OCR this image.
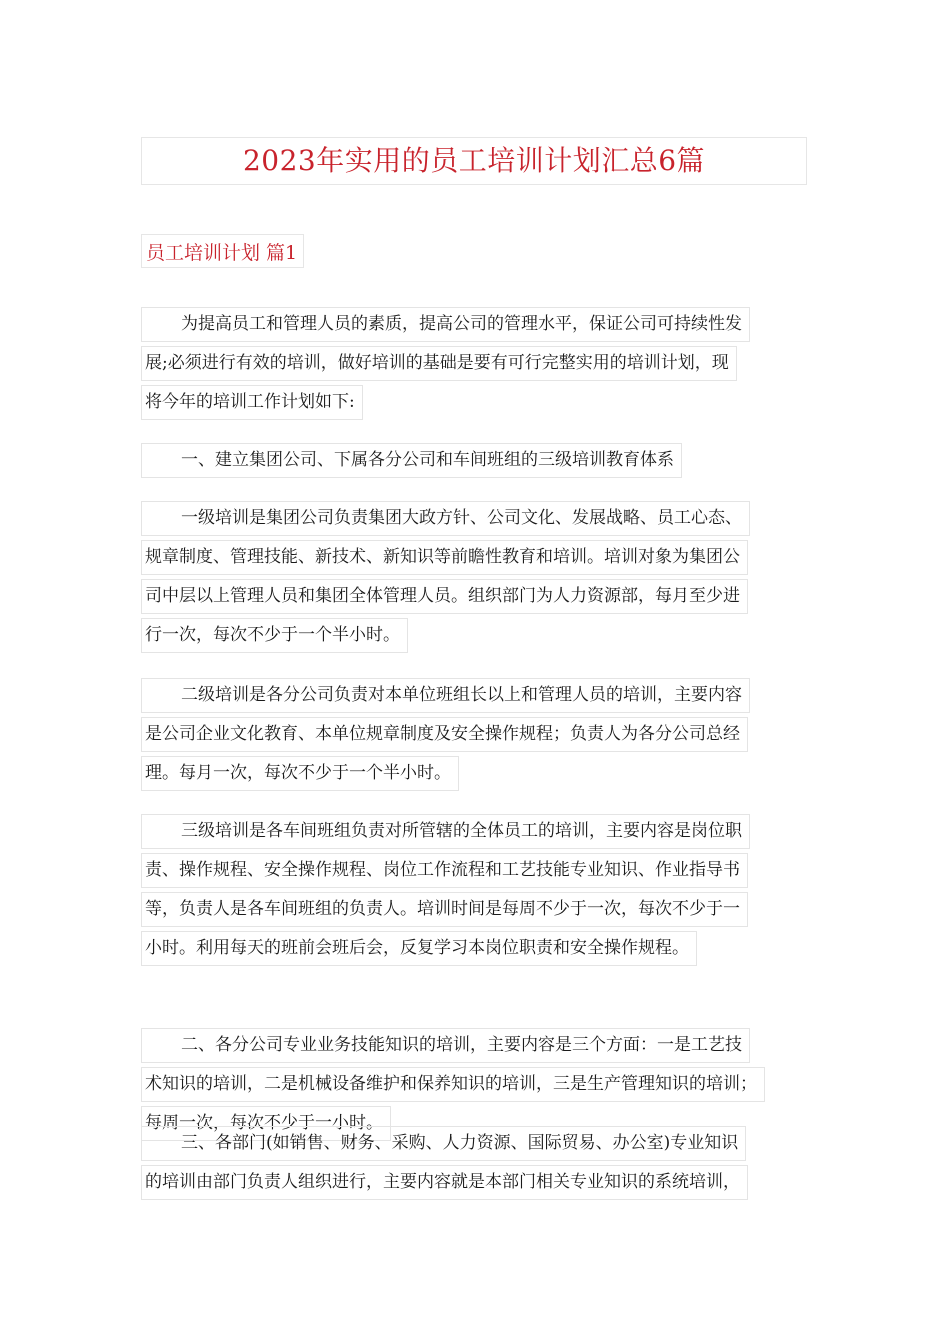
2023年实用的员工培训计划汇总6篇
员工培训计划 篇1
为提高员工和管理人员的素质，提高公司的管理水平，保证公司可持续性发
展;必须进行有效的培训，做好培训的基础是要有可行完整实用的培训计划，现
将今年的培训工作计划如下:
一、建立集团公司、下属各分公司和车间班组的三级培训教育体系
一级培训是集团公司负责集团大政方针、公司文化、发展战略、员工心态、
规章制度、管理技能、新技术、新知识等前瞻性教育和培训。培训对象为集团公
司中层以上管理人员和集团全体管理人员。组织部门为人力资源部，每月至少进
行一次，每次不少于一个半小时。
二级培训是各分公司负责对本单位班组长以上和管理人员的培训，主要内容
是公司企业文化教育、本单位规章制度及安全操作规程；负责人为各分公司总经
理。每月一次，每次不少于一个半小时。
三级培训是各车间班组负责对所管辖的全体员工的培训，主要内容是岗位职
责、操作规程、安全操作规程、岗位工作流程和工艺技能专业知识、作业指导书
等，负责人是各车间班组的负责人。培训时间是每周不少于一次，每次不少于一
小时。利用每天的班前会班后会，反复学习本岗位职责和安全操作规程。
二、各分公司专业业务技能知识的培训，主要内容是三个方面：一是工艺技
术知识的培训，二是机械设备维护和保养知识的培训，三是生产管理知识的培训；
每周一次，每次不少于一小时。
三、各部门(如销售、财务、采购、人力资源、国际贸易、办公室)专业知识
的培训由部门负责人组织进行，主要内容就是本部门相关专业知识的系统培训，
